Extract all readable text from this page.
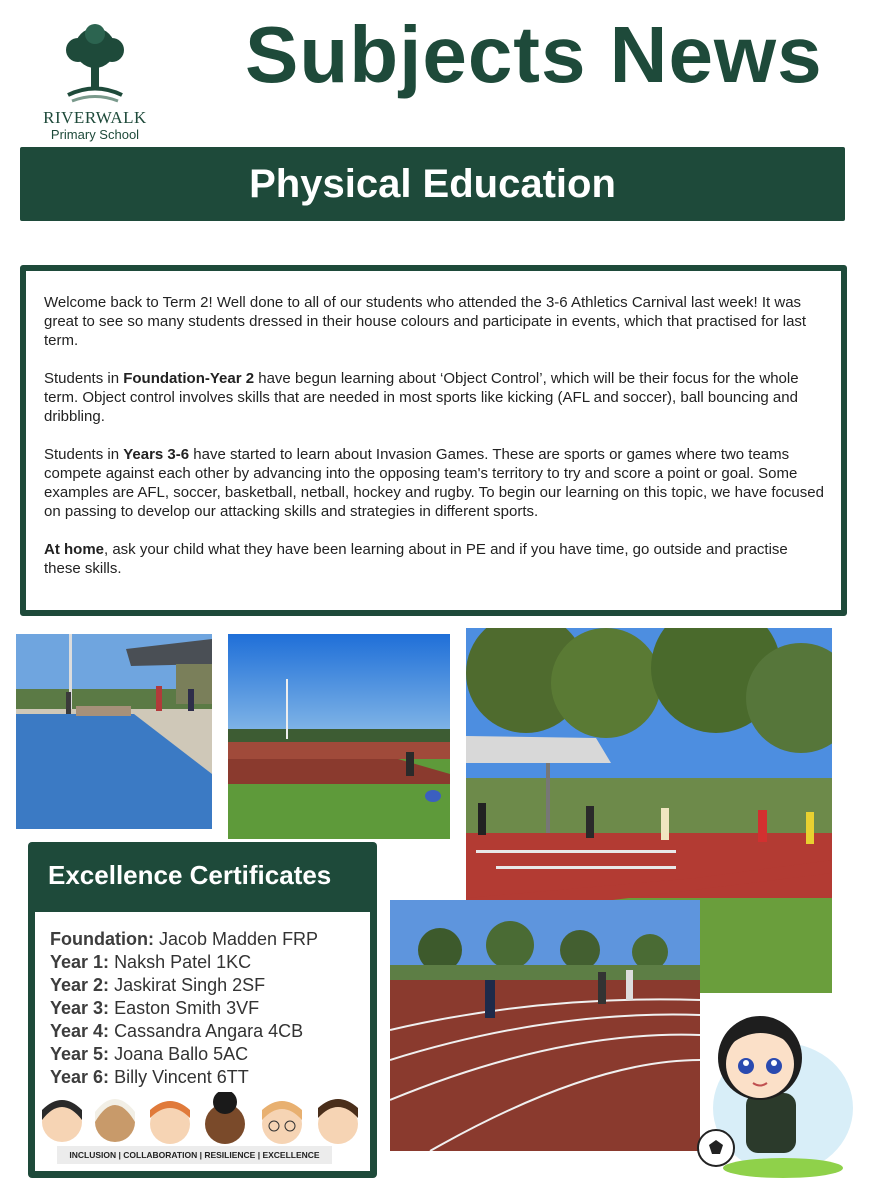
RIVERWALK
Primary School
Subjects News
Physical Education

Welcome back to Term 2! Well done to all of our students who attended the 3-6 Athletics Carnival last week! It was great to see so many students dressed in their house colours and participate in events, which that practised for last term.

Students in Foundation-Year 2 have begun learning about ‘Object Control’, which will be their focus for the whole term. Object control involves skills that are needed in most sports like kicking (AFL and soccer), ball bouncing and dribbling.

Students in Years 3-6 have started to learn about Invasion Games. These are sports or games where two teams compete against each other by advancing into the opposing team's territory to try and score a point or goal. Some examples are AFL, soccer, basketball, netball, hockey and rugby. To begin our learning on this topic, we have focused on passing to develop our attacking skills and strategies in different sports.

At home, ask your child what they have been learning about in PE and if you have time, go outside and practise these skills.

Excellence Certificates
Foundation: Jacob Madden FRP
Year 1: Naksh Patel 1KC
Year 2: Jaskirat Singh 2SF
Year 3: Easton Smith 3VF
Year 4: Cassandra Angara 4CB
Year 5: Joana Ballo 5AC
Year 6: Billy Vincent 6TT
INCLUSION | COLLABORATION | RESILIENCE | EXCELLENCE
